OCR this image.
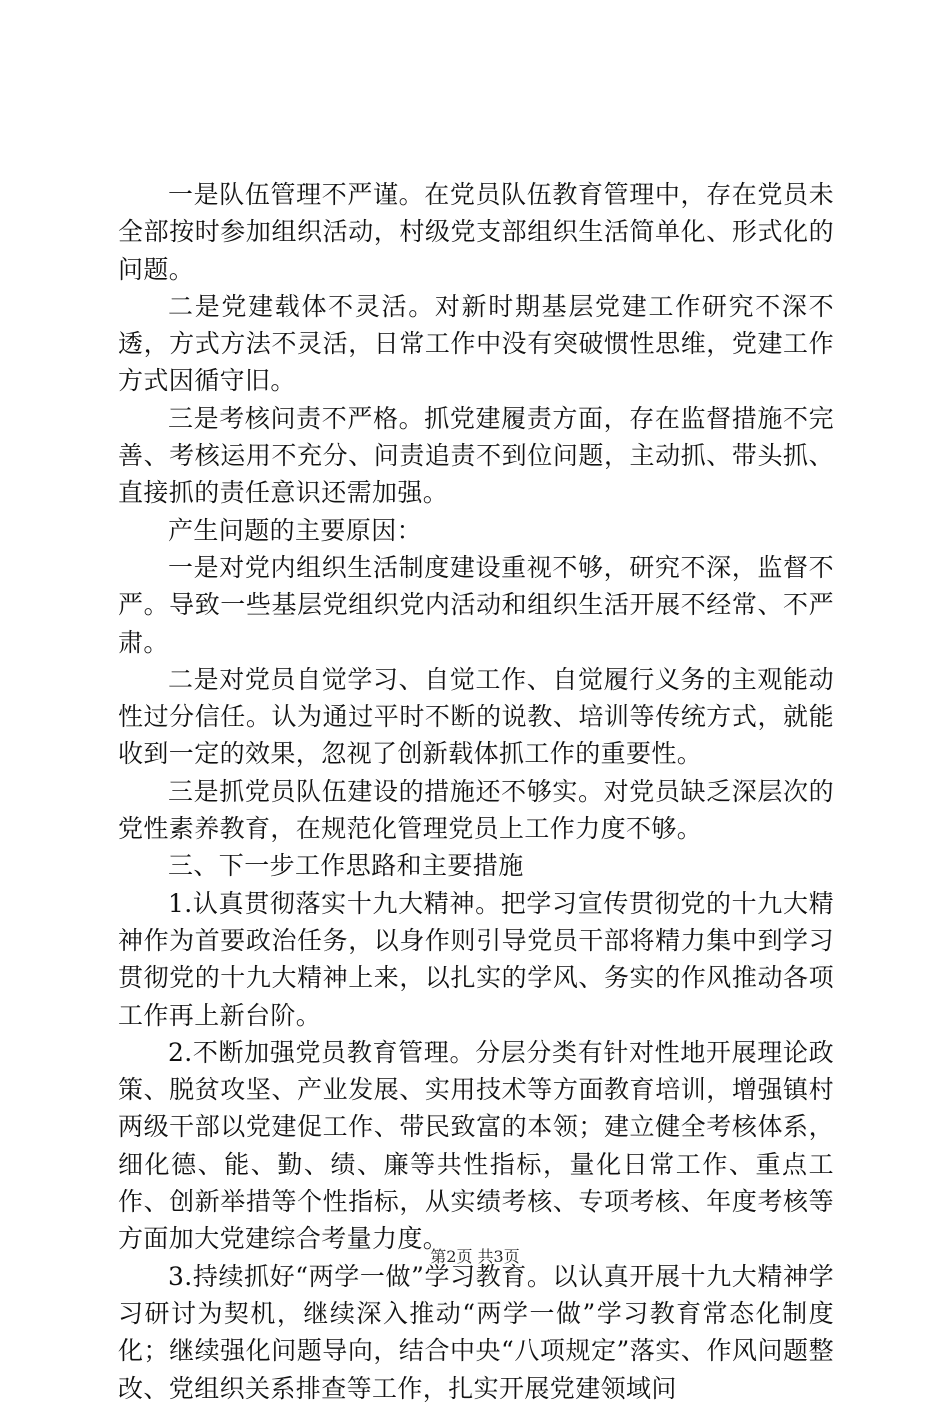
一是队伍管理不严谨。在党员队伍教育管理中，存在党员未全部按时参加组织活动，村级党支部组织生活简单化、形式化的问题。

二是党建载体不灵活。对新时期基层党建工作研究不深不透，方式方法不灵活，日常工作中没有突破惯性思维，党建工作方式因循守旧。

三是考核问责不严格。抓党建履责方面，存在监督措施不完善、考核运用不充分、问责追责不到位问题，主动抓、带头抓、直接抓的责任意识还需加强。

产生问题的主要原因：

一是对党内组织生活制度建设重视不够，研究不深，监督不严。导致一些基层党组织党内活动和组织生活开展不经常、不严肃。

二是对党员自觉学习、自觉工作、自觉履行义务的主观能动性过分信任。认为通过平时不断的说教、培训等传统方式，就能收到一定的效果，忽视了创新载体抓工作的重要性。

三是抓党员队伍建设的措施还不够实。对党员缺乏深层次的党性素养教育，在规范化管理党员上工作力度不够。

三、下一步工作思路和主要措施

1.认真贯彻落实十九大精神。把学习宣传贯彻党的十九大精神作为首要政治任务，以身作则引导党员干部将精力集中到学习贯彻党的十九大精神上来，以扎实的学风、务实的作风推动各项工作再上新台阶。

2.不断加强党员教育管理。分层分类有针对性地开展理论政策、脱贫攻坚、产业发展、实用技术等方面教育培训，增强镇村两级干部以党建促工作、带民致富的本领；建立健全考核体系，细化德、能、勤、绩、廉等共性指标，量化日常工作、重点工作、创新举措等个性指标，从实绩考核、专项考核、年度考核等方面加大党建综合考量力度。

3.持续抓好“两学一做”学习教育。以认真开展十九大精神学习研讨为契机，继续深入推动“两学一做”学习教育常态化制度化；继续强化问题导向，结合中央“八项规定”落实、作风问题整改、党组织关系排查等工作，扎实开展党建领域问

第2页 共3页
